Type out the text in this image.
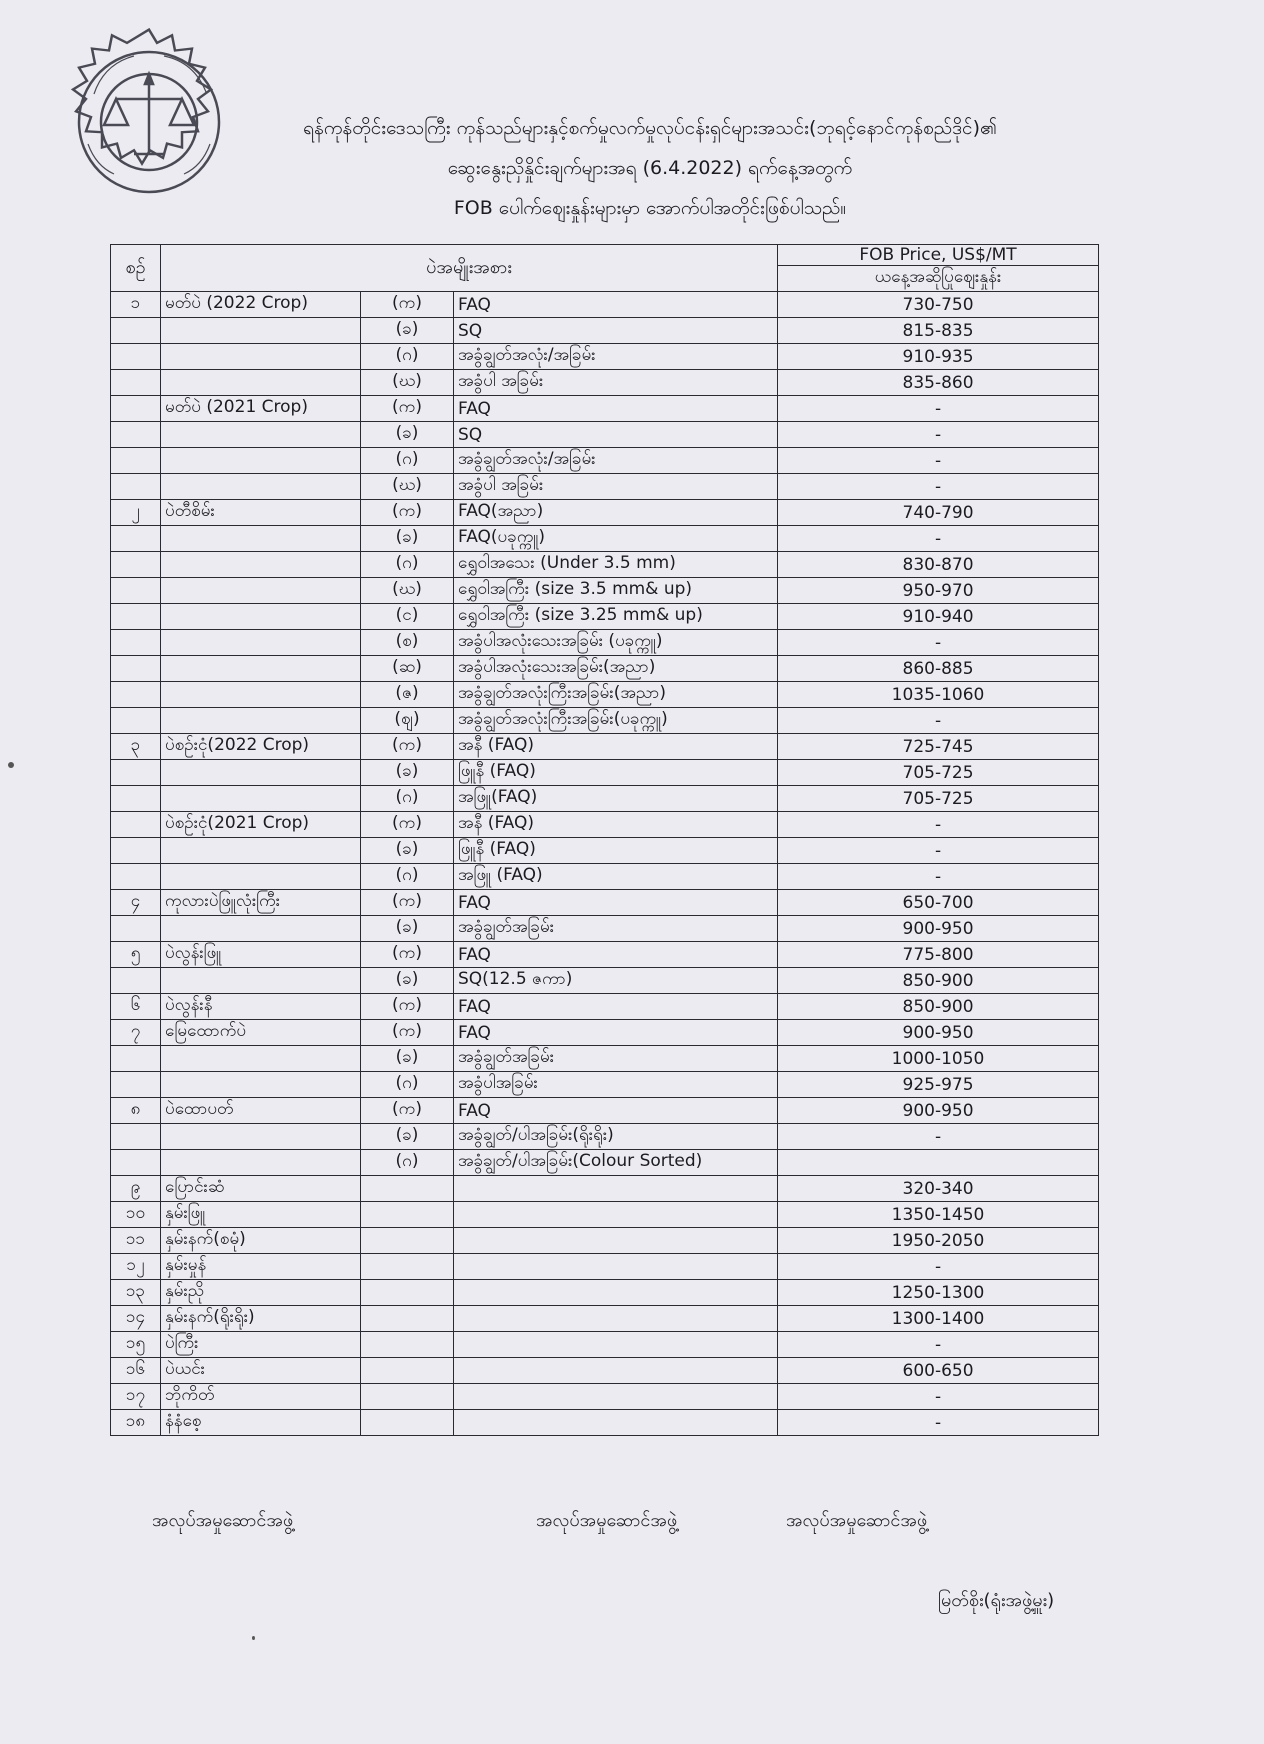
ရန်ကုန်တိုင်းဒေသကြီး ကုန်သည်များနှင့်စက်မှုလက်မှုလုပ်ငန်းရှင်များအသင်း(ဘုရင့်နောင်ကုန်စည်ဒိုင်)၏
ဆွေးနွေးညှိနှိုင်းချက်များအရ (6.4.2022) ရက်နေ့အတွက်
FOB ပေါက်ဈေးနှုန်းများမှာ အောက်ပါအတိုင်းဖြစ်ပါသည်။
စဉ်	ပဲအမျိုးအစား			FOB Price, US$/MT
				ယနေ့အဆိုပြုဈေးနှုန်း
၁	မတ်ပဲ (2022 Crop)	(က)	FAQ	730-750
		(ခ)	SQ	815-835
		(ဂ)	အခွံချွတ်အလုံး/အခြမ်း	910-935
		(ဃ)	အခွံပါ အခြမ်း	835-860
	မတ်ပဲ (2021 Crop)	(က)	FAQ	-
		(ခ)	SQ	-
		(ဂ)	အခွံချွတ်အလုံး/အခြမ်း	-
		(ဃ)	အခွံပါ အခြမ်း	-
၂	ပဲတီစိမ်း	(က)	FAQ(အညာ)	740-790
		(ခ)	FAQ(ပခုက္ကူ)	-
		(ဂ)	ရွှေဝါအသေး (Under 3.5 mm)	830-870
		(ဃ)	ရွှေဝါအကြီး (size 3.5 mm& up)	950-970
		(င)	ရွှေဝါအကြီး (size 3.25 mm& up)	910-940
		(စ)	အခွံပါအလုံးသေးအခြမ်း (ပခုက္ကူ)	-
		(ဆ)	အခွံပါအလုံးသေးအခြမ်း(အညာ)	860-885
		(ဇ)	အခွံချွတ်အလုံးကြီးအခြမ်း(အညာ)	1035-1060
		(ဈ)	အခွံချွတ်အလုံးကြီးအခြမ်း(ပခုက္ကူ)	-
၃	ပဲစဉ်းငုံ(2022 Crop)	(က)	အနီ (FAQ)	725-745
		(ခ)	ဖြူနီ (FAQ)	705-725
		(ဂ)	အဖြူ(FAQ)	705-725
	ပဲစဉ်းငုံ(2021 Crop)	(က)	အနီ (FAQ)	-
		(ခ)	ဖြူနီ (FAQ)	-
		(ဂ)	အဖြူ (FAQ)	-
၄	ကုလားပဲဖြူလုံးကြီး	(က)	FAQ	650-700
		(ခ)	အခွံချွတ်အခြမ်း	900-950
၅	ပဲလွန်းဖြူ	(က)	FAQ	775-800
		(ခ)	SQ(12.5 ဇကာ)	850-900
၆	ပဲလွန်းနီ	(က)	FAQ	850-900
၇	မြေထောက်ပဲ	(က)	FAQ	900-950
		(ခ)	အခွံချွတ်အခြမ်း	1000-1050
		(ဂ)	အခွံပါအခြမ်း	925-975
၈	ပဲထောပတ်	(က)	FAQ	900-950
		(ခ)	အခွံချွတ်/ပါအခြမ်း(ရိုးရိုး)	-
		(ဂ)	အခွံချွတ်/ပါအခြမ်း(Colour Sorted)	
၉	ပြောင်းဆံ			320-340
၁၀	နှမ်းဖြူ			1350-1450
၁၁	နှမ်းနက်(စမုံ)			1950-2050
၁၂	နှမ်းမှုန်			-
၁၃	နှမ်းညို			1250-1300
၁၄	နှမ်းနက်(ရိုးရိုး)			1300-1400
၁၅	ပဲကြီး			-
၁၆	ပဲယင်း			600-650
၁၇	ဘိုကိတ်			-
၁၈	နံနံစေ့			-
အလုပ်အမှုဆောင်အဖွဲ့	အလုပ်အမှုဆောင်အဖွဲ့	အလုပ်အမှုဆောင်အဖွဲ့
မြတ်စိုး(ရုံးအဖွဲ့မှူး)
